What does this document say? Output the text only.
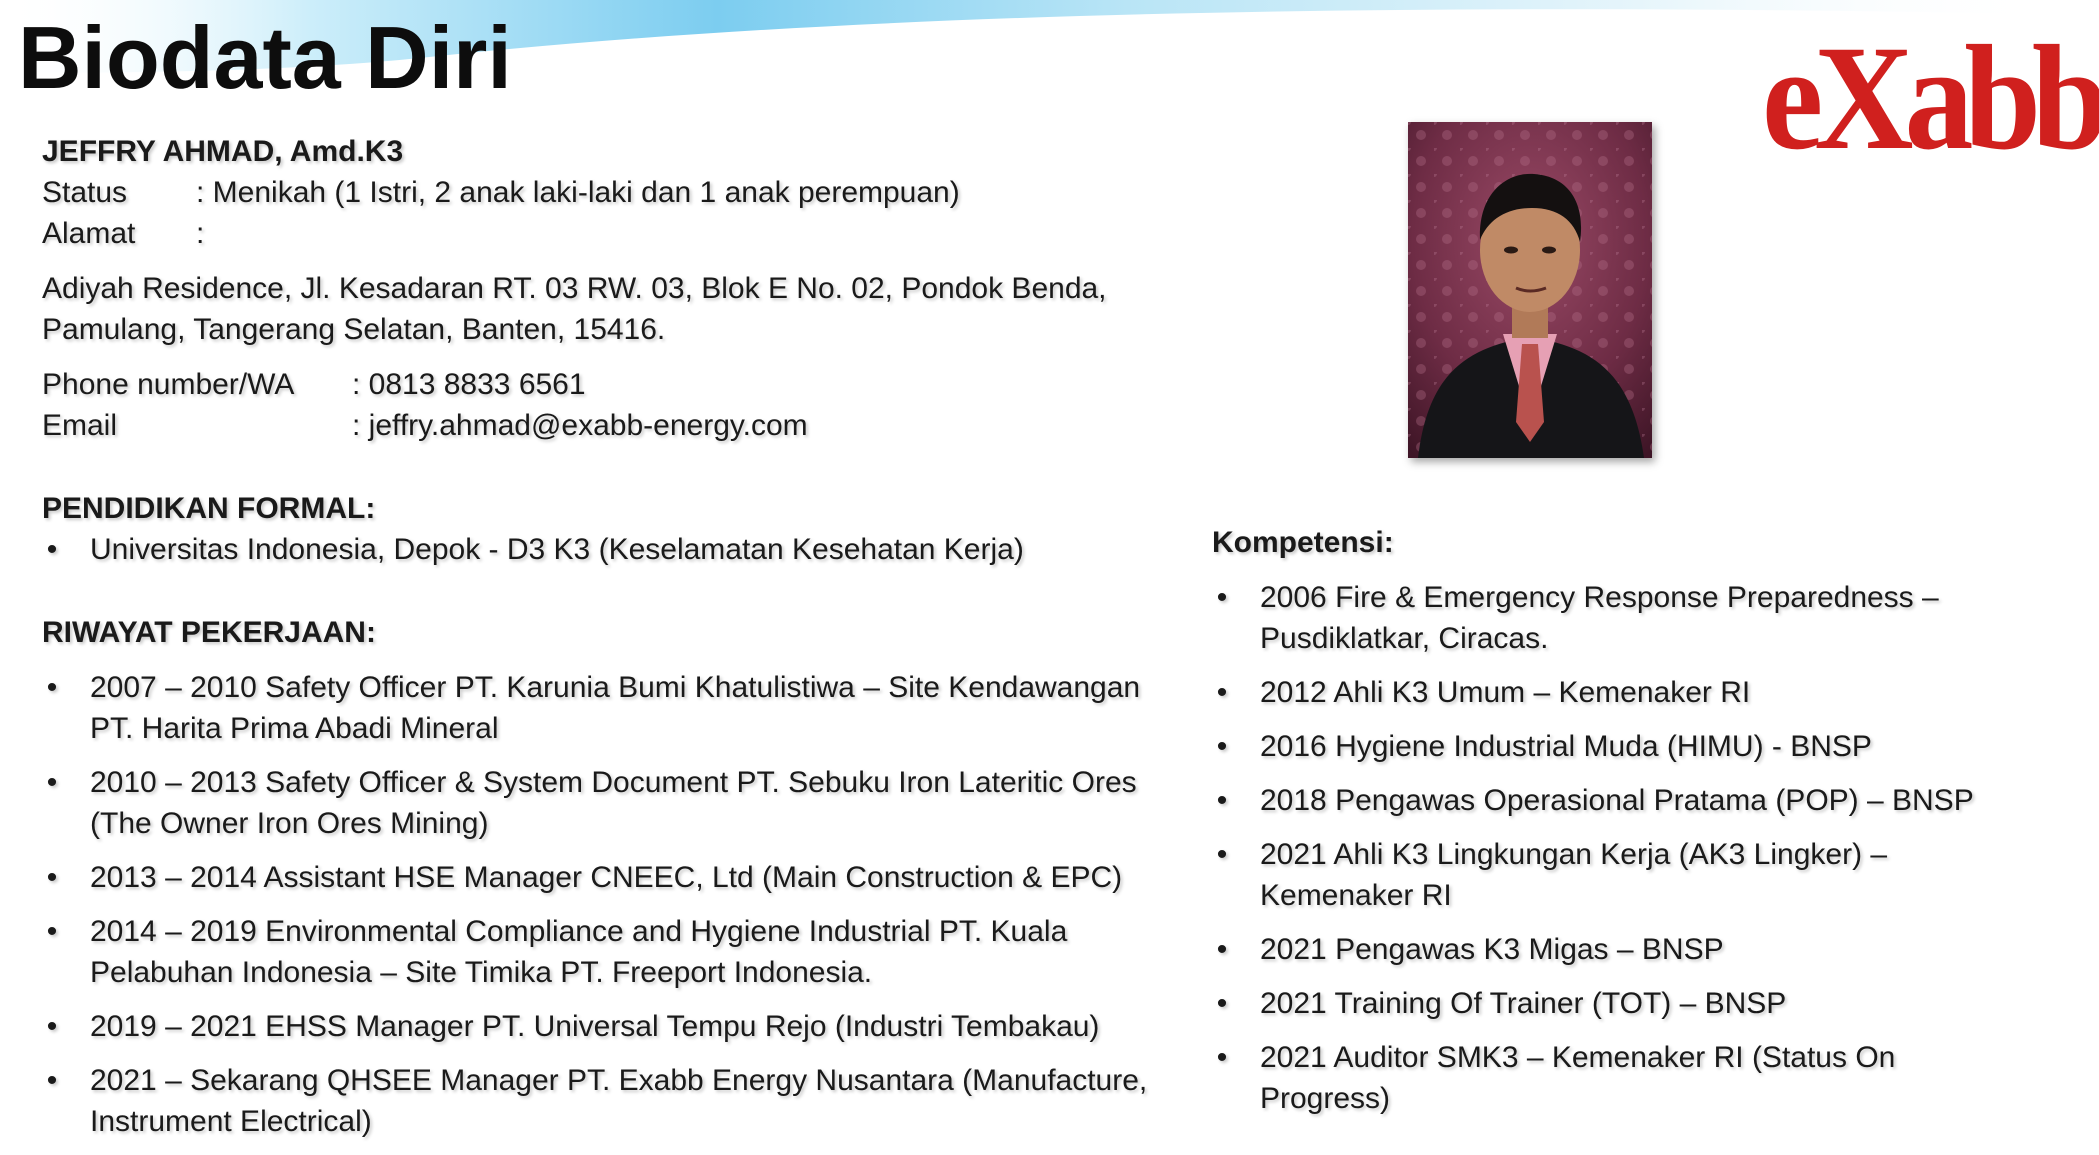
Biodata Diri	eXabb
JEFFRY AHMAD, Amd.K3
Status : Menikah (1 Istri, 2 anak laki-laki dan 1 anak perempuan)
Alamat :
Adiyah Residence, Jl. Kesadaran RT. 03 RW. 03, Blok E No. 02, Pondok Benda,
Pamulang, Tangerang Selatan, Banten, 15416.
Phone number/WA : 0813 8833 6561
Email	: jeffry.ahmad@exabb-energy.com
PENDIDIKAN FORMAL:
• Universitas Indonesia, Depok - D3 K3 (Keselamatan Kesehatan Kerja)
RIWAYAT PEKERJAAN:
• 2007 – 2010 Safety Officer PT. Karunia Bumi Khatulistiwa – Site Kendawangan PT. Harita Prima Abadi Mineral
• 2010 – 2013 Safety Officer & System Document PT. Sebuku Iron Lateritic Ores (The Owner Iron Ores Mining)
• 2013 – 2014 Assistant HSE Manager CNEEC, Ltd (Main Construction & EPC)
• 2014 – 2019 Environmental Compliance and Hygiene Industrial PT. Kuala Pelabuhan Indonesia – Site Timika PT. Freeport Indonesia.
• 2019 – 2021 EHSS Manager PT. Universal Tempu Rejo (Industri Tembakau)
• 2021 – Sekarang QHSEE Manager PT. Exabb Energy Nusantara (Manufacture, Instrument Electrical)
Kompetensi:
• 2006 Fire & Emergency Response Preparedness – Pusdiklatkar, Ciracas.
• 2012 Ahli K3 Umum – Kemenaker RI
• 2016 Hygiene Industrial Muda (HIMU) - BNSP
• 2018 Pengawas Operasional Pratama (POP) – BNSP
• 2021 Ahli K3 Lingkungan Kerja (AK3 Lingker) – Kemenaker RI
• 2021 Pengawas K3 Migas – BNSP
• 2021 Training Of Trainer (TOT) – BNSP
• 2021 Auditor SMK3 – Kemenaker RI (Status On Progress)
